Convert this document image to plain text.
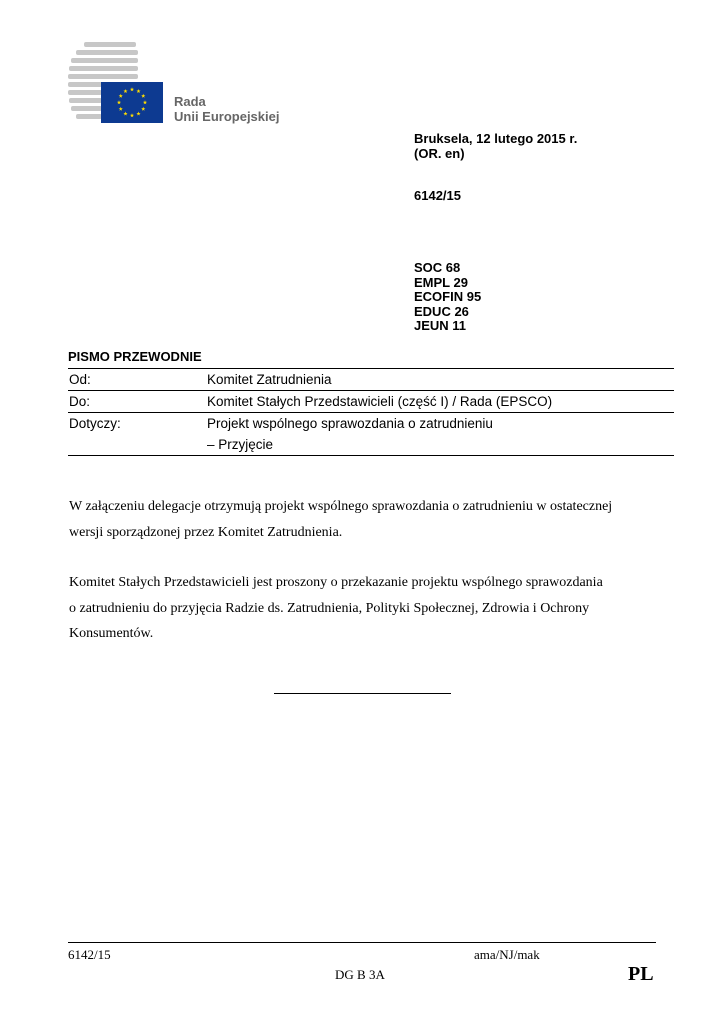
Rada
Unii Europejskiej
Bruksela, 12 lutego 2015 r.
(OR. en)
6142/15
SOC 68
EMPL 29
ECOFIN 95
EDUC 26
JEUN 11
PISMO PRZEWODNIE
Od:	Komitet Zatrudnienia
Do:	Komitet Stałych Przedstawicieli (część I) / Rada (EPSCO)
Dotyczy:	Projekt wspólnego sprawozdania o zatrudnieniu
– Przyjęcie

W załączeniu delegacje otrzymują projekt wspólnego sprawozdania o zatrudnieniu w ostatecznej
wersji sporządzonej przez Komitet Zatrudnienia.

Komitet Stałych Przedstawicieli jest proszony o przekazanie projektu wspólnego sprawozdania
o zatrudnieniu do przyjęcia Radzie ds. Zatrudnienia, Polityki Społecznej, Zdrowia i Ochrony
Konsumentów.

6142/15	ama/NJ/mak
DG B 3A	PL
